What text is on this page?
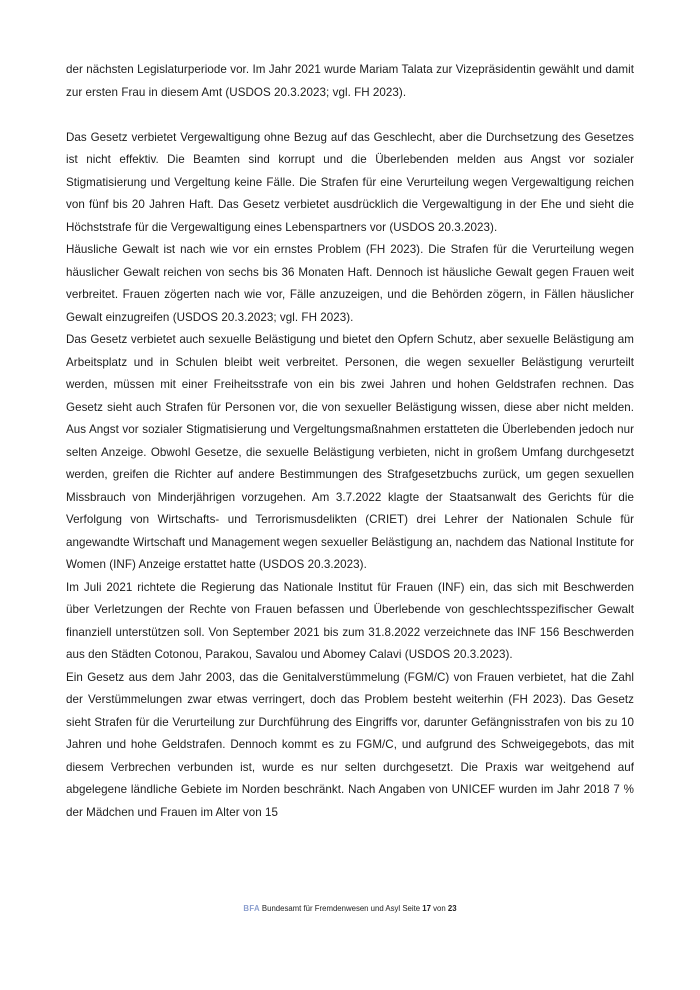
der nächsten Legislaturperiode vor. Im Jahr 2021 wurde Mariam Talata zur Vizepräsidentin gewählt und damit zur ersten Frau in diesem Amt (USDOS 20.3.2023; vgl. FH 2023).

Das Gesetz verbietet Vergewaltigung ohne Bezug auf das Geschlecht, aber die Durchsetzung des Gesetzes ist nicht effektiv. Die Beamten sind korrupt und die Überlebenden melden aus Angst vor sozialer Stigmatisierung und Vergeltung keine Fälle. Die Strafen für eine Verurteilung wegen Vergewaltigung reichen von fünf bis 20 Jahren Haft. Das Gesetz verbietet ausdrücklich die Vergewaltigung in der Ehe und sieht die Höchststrafe für die Vergewaltigung eines Lebenspartners vor (USDOS 20.3.2023).

Häusliche Gewalt ist nach wie vor ein ernstes Problem (FH 2023). Die Strafen für die Verurteilung wegen häuslicher Gewalt reichen von sechs bis 36 Monaten Haft. Dennoch ist häusliche Gewalt gegen Frauen weit verbreitet. Frauen zögerten nach wie vor, Fälle anzuzeigen, und die Behörden zögern, in Fällen häuslicher Gewalt einzugreifen (USDOS 20.3.2023; vgl. FH 2023).

Das Gesetz verbietet auch sexuelle Belästigung und bietet den Opfern Schutz, aber sexuelle Belästigung am Arbeitsplatz und in Schulen bleibt weit verbreitet. Personen, die wegen sexueller Belästigung verurteilt werden, müssen mit einer Freiheitsstrafe von ein bis zwei Jahren und hohen Geldstrafen rechnen. Das Gesetz sieht auch Strafen für Personen vor, die von sexueller Belästigung wissen, diese aber nicht melden. Aus Angst vor sozialer Stigmatisierung und Vergeltungsmaßnahmen erstatteten die Überlebenden jedoch nur selten Anzeige. Obwohl Gesetze, die sexuelle Belästigung verbieten, nicht in großem Umfang durchgesetzt werden, greifen die Richter auf andere Bestimmungen des Strafgesetzbuchs zurück, um gegen sexuellen Missbrauch von Minderjährigen vorzugehen. Am 3.7.2022 klagte der Staatsanwalt des Gerichts für die Verfolgung von Wirtschafts- und Terrorismusdelikten (CRIET) drei Lehrer der Nationalen Schule für angewandte Wirtschaft und Management wegen sexueller Belästigung an, nachdem das National Institute for Women (INF) Anzeige erstattet hatte (USDOS 20.3.2023).

Im Juli 2021 richtete die Regierung das Nationale Institut für Frauen (INF) ein, das sich mit Beschwerden über Verletzungen der Rechte von Frauen befassen und Überlebende von geschlechtsspezifischer Gewalt finanziell unterstützen soll. Von September 2021 bis zum 31.8.2022 verzeichnete das INF 156 Beschwerden aus den Städten Cotonou, Parakou, Savalou und Abomey Calavi (USDOS 20.3.2023).

Ein Gesetz aus dem Jahr 2003, das die Genitalverstümmelung (FGM/C) von Frauen verbietet, hat die Zahl der Verstümmelungen zwar etwas verringert, doch das Problem besteht weiterhin (FH 2023). Das Gesetz sieht Strafen für die Verurteilung zur Durchführung des Eingriffs vor, darunter Gefängnisstrafen von bis zu 10 Jahren und hohe Geldstrafen. Dennoch kommt es zu FGM/C, und aufgrund des Schweigegebots, das mit diesem Verbrechen verbunden ist, wurde es nur selten durchgesetzt. Die Praxis war weitgehend auf abgelegene ländliche Gebiete im Norden beschränkt. Nach Angaben von UNICEF wurden im Jahr 2018 7 % der Mädchen und Frauen im Alter von 15

BFA Bundesamt für Fremdenwesen und Asyl Seite 17 von 23
